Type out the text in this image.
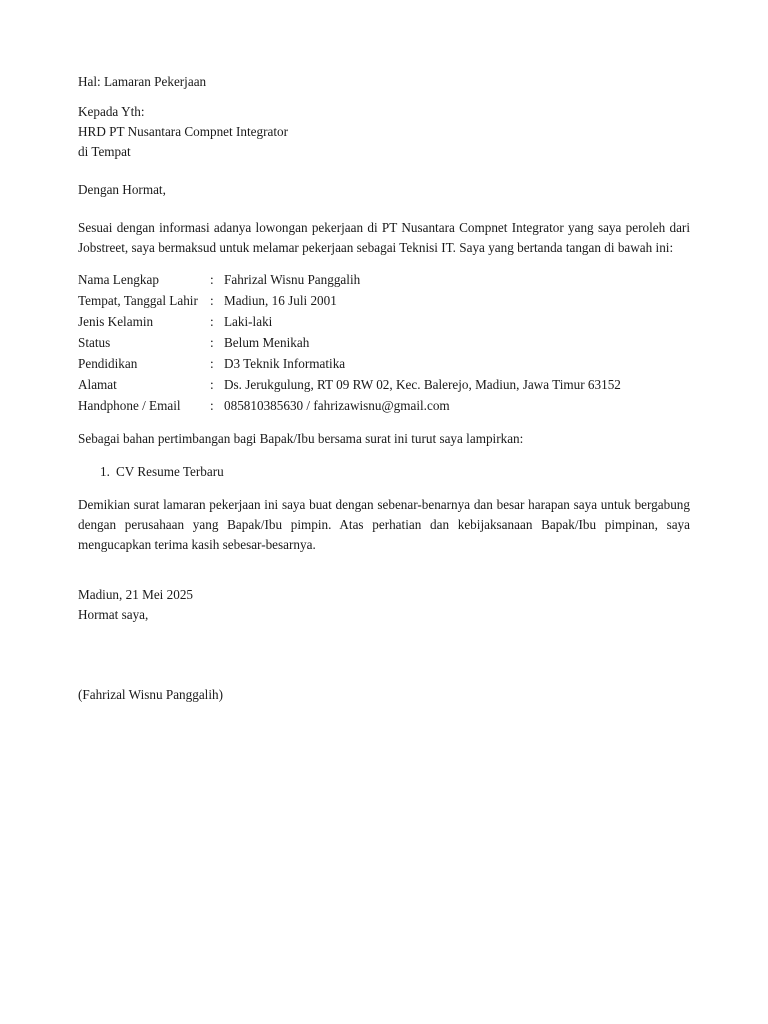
Hal: Lamaran Pekerjaan

Kepada Yth:

HRD PT Nusantara Compnet Integrator

di Tempat

Dengan Hormat,

Sesuai dengan informasi adanya lowongan pekerjaan di PT Nusantara Compnet Integrator yang saya peroleh dari Jobstreet, saya bermaksud untuk melamar pekerjaan sebagai Teknisi IT. Saya yang bertanda tangan di bawah ini:

Nama Lengkap	:	Fahrizal Wisnu Panggalih
Tempat, Tanggal Lahir	:	Madiun, 16 Juli 2001
Jenis Kelamin	:	Laki-laki
Status	:	Belum Menikah
Pendidikan	:	D3 Teknik Informatika
Alamat	:	Ds. Jerukgulung, RT 09 RW 02, Kec. Balerejo, Madiun, Jawa Timur 63152
Handphone / Email	:	085810385630 / fahrizawisnu@gmail.com

Sebagai bahan pertimbangan bagi Bapak/Ibu bersama surat ini turut saya lampirkan:

1. CV Resume Terbaru

Demikian surat lamaran pekerjaan ini saya buat dengan sebenar-benarnya dan besar harapan saya untuk bergabung dengan perusahaan yang Bapak/Ibu pimpin. Atas perhatian dan kebijaksanaan Bapak/Ibu pimpinan, saya mengucapkan terima kasih sebesar-besarnya.

Madiun, 21 Mei 2025

Hormat saya,

(Fahrizal Wisnu Panggalih)
